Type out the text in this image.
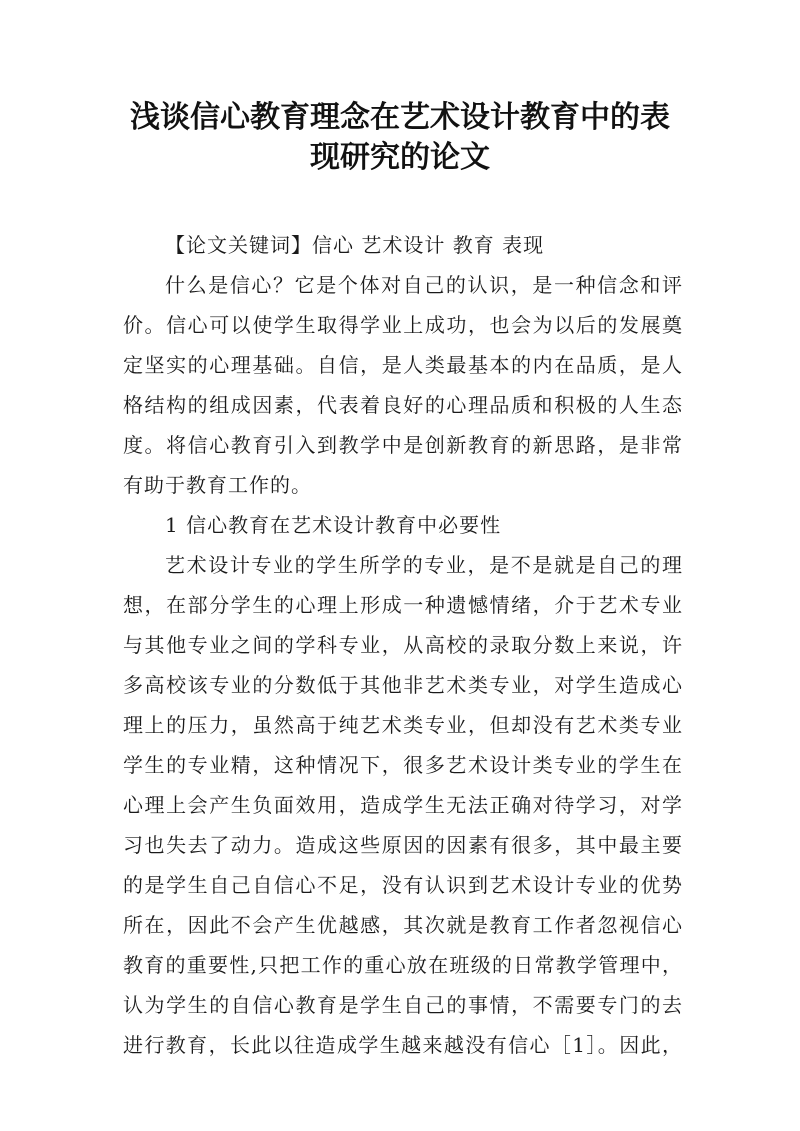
浅谈信心教育理念在艺术设计教育中的表
现研究的论文
【论文关键词】信心 艺术设计 教育 表现
什么是信心？它是个体对自己的认识，是一种信念和评
价。信心可以使学生取得学业上成功，也会为以后的发展奠
定坚实的心理基础。自信，是人类最基本的内在品质，是人
格结构的组成因素，代表着良好的心理品质和积极的人生态
度。将信心教育引入到教学中是创新教育的新思路，是非常
有助于教育工作的。
1 信心教育在艺术设计教育中必要性
艺术设计专业的学生所学的专业，是不是就是自己的理
想，在部分学生的心理上形成一种遗憾情绪，介于艺术专业
与其他专业之间的学科专业，从高校的录取分数上来说，许
多高校该专业的分数低于其他非艺术类专业，对学生造成心
理上的压力，虽然高于纯艺术类专业，但却没有艺术类专业
学生的专业精，这种情况下，很多艺术设计类专业的学生在
心理上会产生负面效用，造成学生无法正确对待学习，对学
习也失去了动力。造成这些原因的因素有很多，其中最主要
的是学生自己自信心不足，没有认识到艺术设计专业的优势
所在，因此不会产生优越感，其次就是教育工作者忽视信心
教育的重要性,只把工作的重心放在班级的日常教学管理中，
认为学生的自信心教育是学生自己的事情，不需要专门的去
进行教育，长此以往造成学生越来越没有信心［1］。因此，
